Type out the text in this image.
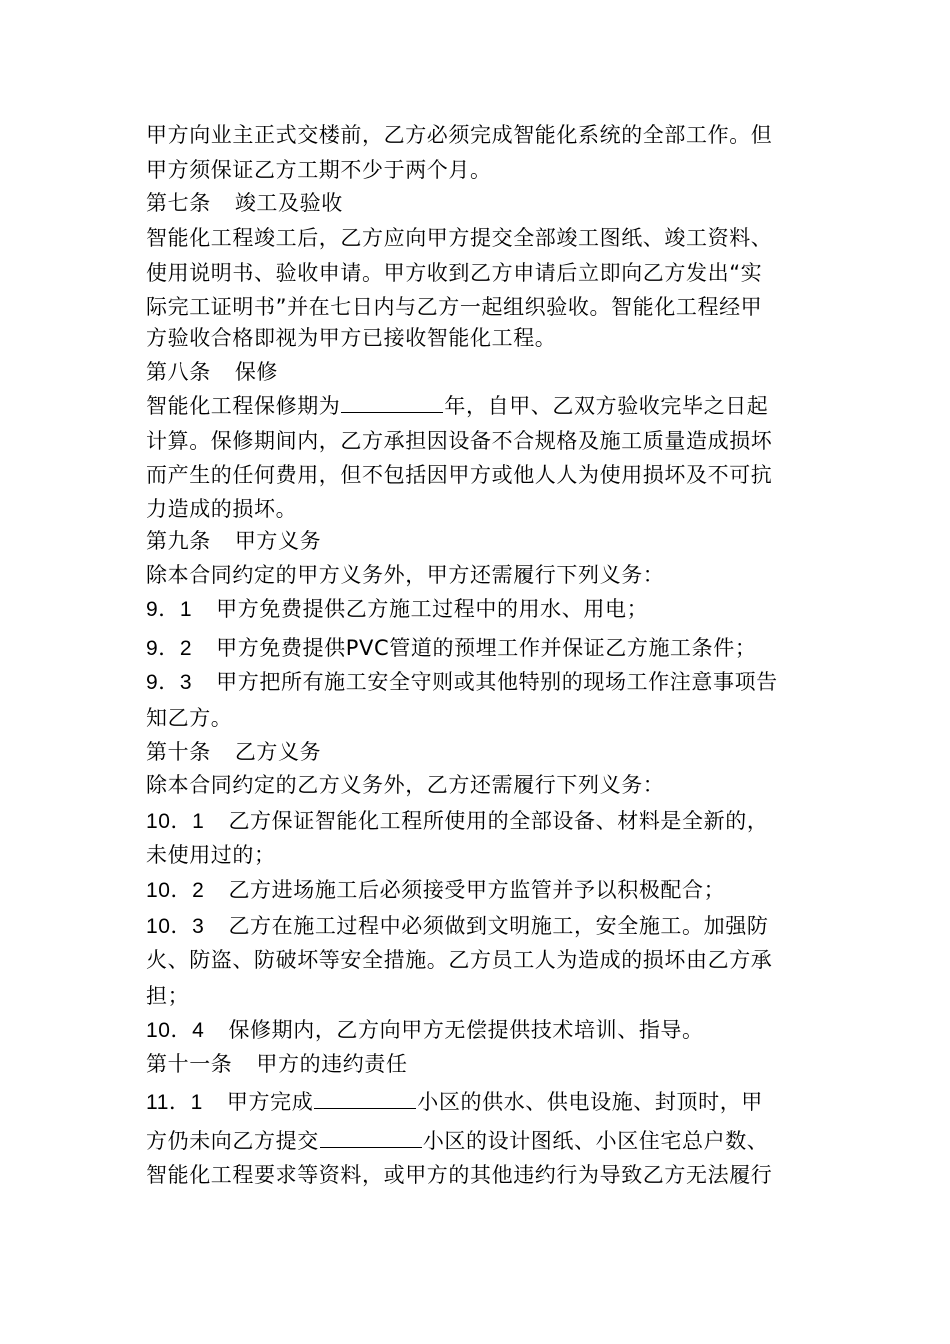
甲方向业主正式交楼前，乙方必须完成智能化系统的全部工作。但
甲方须保证乙方工期不少于两个月。
第七条 竣工及验收
智能化工程竣工后，乙方应向甲方提交全部竣工图纸、竣工资料、
使用说明书、验收申请。甲方收到乙方申请后立即向乙方发出“实
际完工证明书”并在七日内与乙方一起组织验收。智能化工程经甲
方验收合格即视为甲方已接收智能化工程。
第八条 保修
智能化工程保修期为	年，自甲、乙双方验收完毕之日起
计算。保修期间内，乙方承担因设备不合规格及施工质量造成损坏
而产生的任何费用，但不包括因甲方或他人人为使用损坏及不可抗
力造成的损坏。
第九条 甲方义务
除本合同约定的甲方义务外，甲方还需履行下列义务：
9．1 甲方免费提供乙方施工过程中的用水、用电；
9．2 甲方免费提供PVC管道的预埋工作并保证乙方施工条件；
9．3 甲方把所有施工安全守则或其他特别的现场工作注意事项告
知乙方。
第十条 乙方义务
除本合同约定的乙方义务外，乙方还需履行下列义务：
10．1 乙方保证智能化工程所使用的全部设备、材料是全新的，
未使用过的；
10．2 乙方进场施工后必须接受甲方监管并予以积极配合；
10．3 乙方在施工过程中必须做到文明施工，安全施工。加强防
火、防盗、防破坏等安全措施。乙方员工人为造成的损坏由乙方承
担；
10．4 保修期内，乙方向甲方无偿提供技术培训、指导。
第十一条 甲方的违约责任
11．1 甲方完成	小区的供水、供电设施、封顶时，甲
方仍未向乙方提交	小区的设计图纸、小区住宅总户数、
智能化工程要求等资料，或甲方的其他违约行为导致乙方无法履行
